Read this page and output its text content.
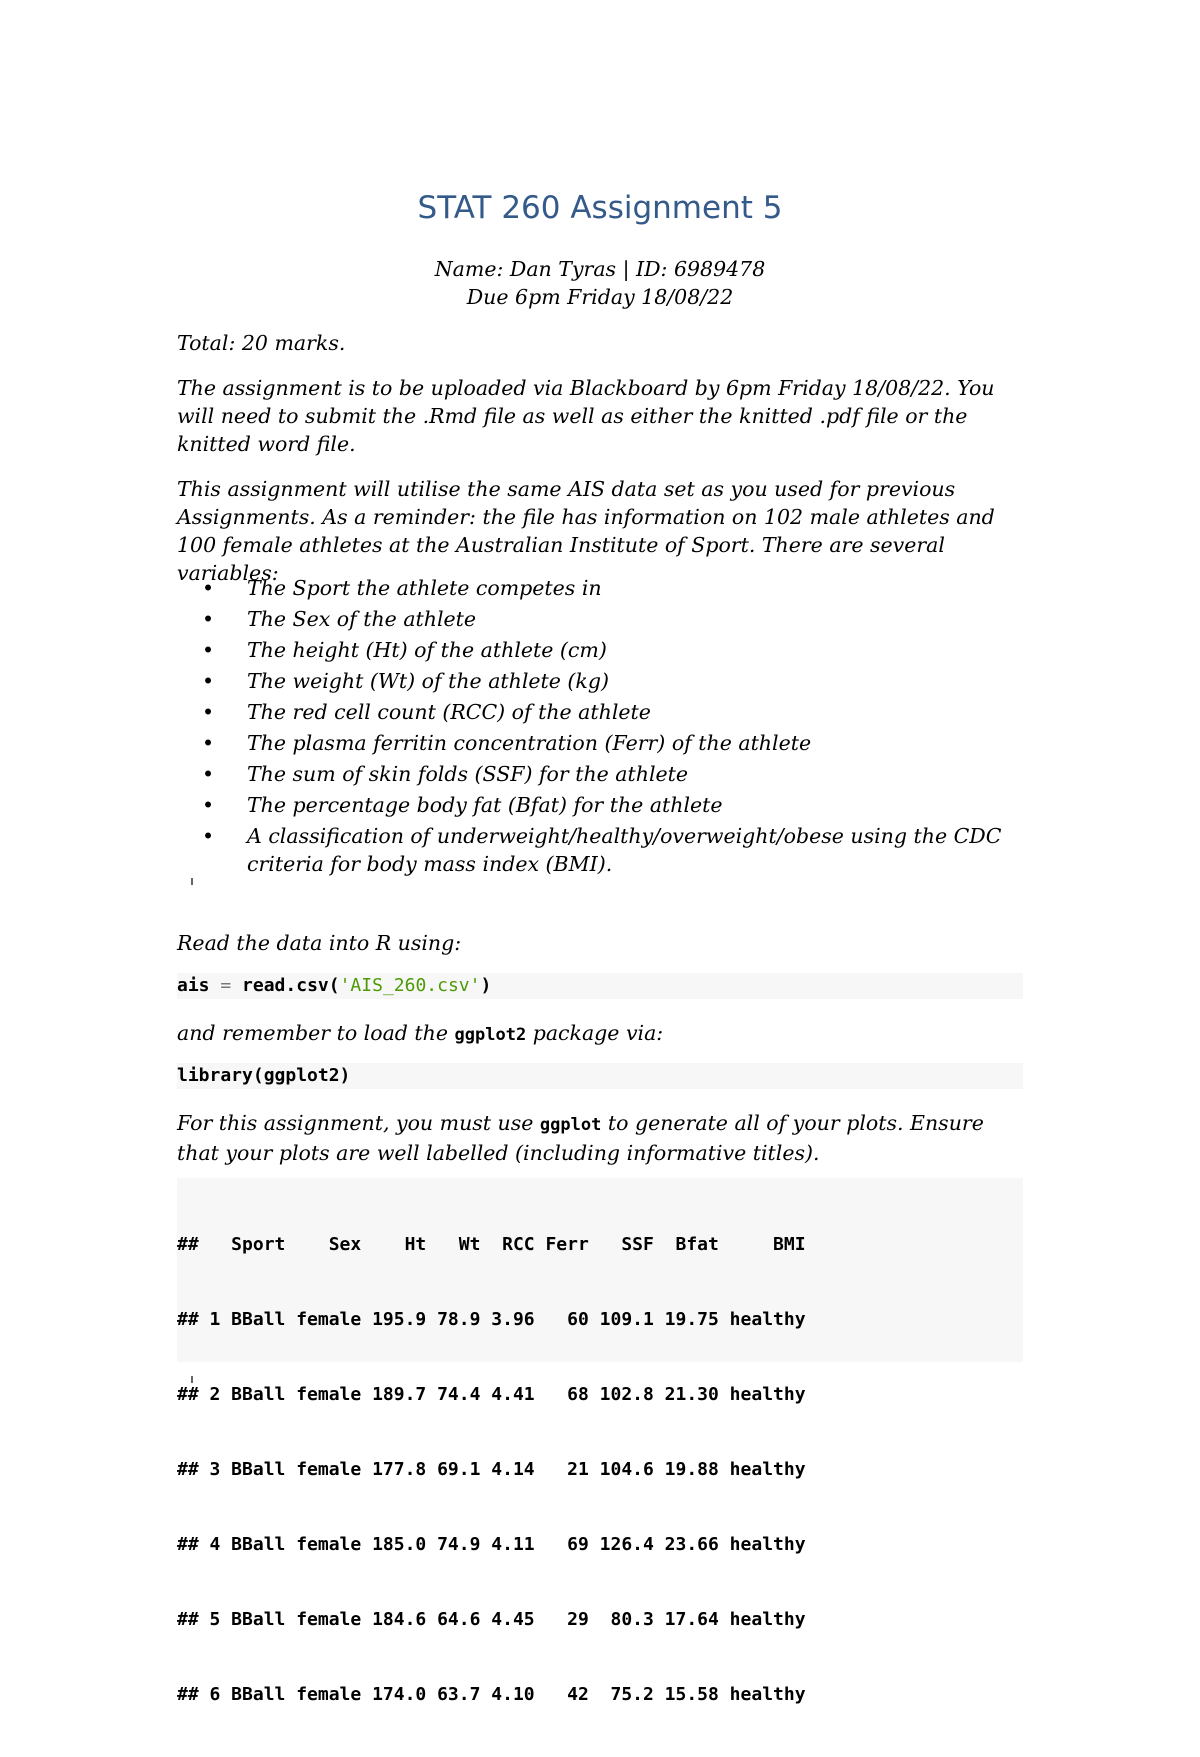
STAT 260 Assignment 5
Name: Dan Tyras | ID: 6989478
Due 6pm Friday 18/08/22

Total: 20 marks.

The assignment is to be uploaded via Blackboard by 6pm Friday 18/08/22. You will need to submit the .Rmd file as well as either the knitted .pdf file or the knitted word file.

This assignment will utilise the same AIS data set as you used for previous Assignments. As a reminder: the file has information on 102 male athletes and 100 female athletes at the Australian Institute of Sport. There are several variables:

• The Sport the athlete competes in
• The Sex of the athlete
• The height (Ht) of the athlete (cm)
• The weight (Wt) of the athlete (kg)
• The red cell count (RCC) of the athlete
• The plasma ferritin concentration (Ferr) of the athlete
• The sum of skin folds (SSF) for the athlete
• The percentage body fat (Bfat) for the athlete
• A classification of underweight/healthy/overweight/obese using the CDC criteria for body mass index (BMI).

Read the data into R using:

ais = read.csv('AIS_260.csv')

and remember to load the ggplot2 package via:

library(ggplot2)

For this assignment, you must use ggplot to generate all of your plots. Ensure that your plots are well labelled (including informative titles).

##   Sport    Sex    Ht   Wt  RCC Ferr   SSF  Bfat     BMI

## 1 BBall female 195.9 78.9 3.96   60 109.1 19.75 healthy

## 2 BBall female 189.7 74.4 4.41   68 102.8 21.30 healthy

## 3 BBall female 177.8 69.1 4.14   21 104.6 19.88 healthy

## 4 BBall female 185.0 74.9 4.11   69 126.4 23.66 healthy

## 5 BBall female 184.6 64.6 4.45   29  80.3 17.64 healthy

## 6 BBall female 174.0 63.7 4.10   42  75.2 15.58 healthy
